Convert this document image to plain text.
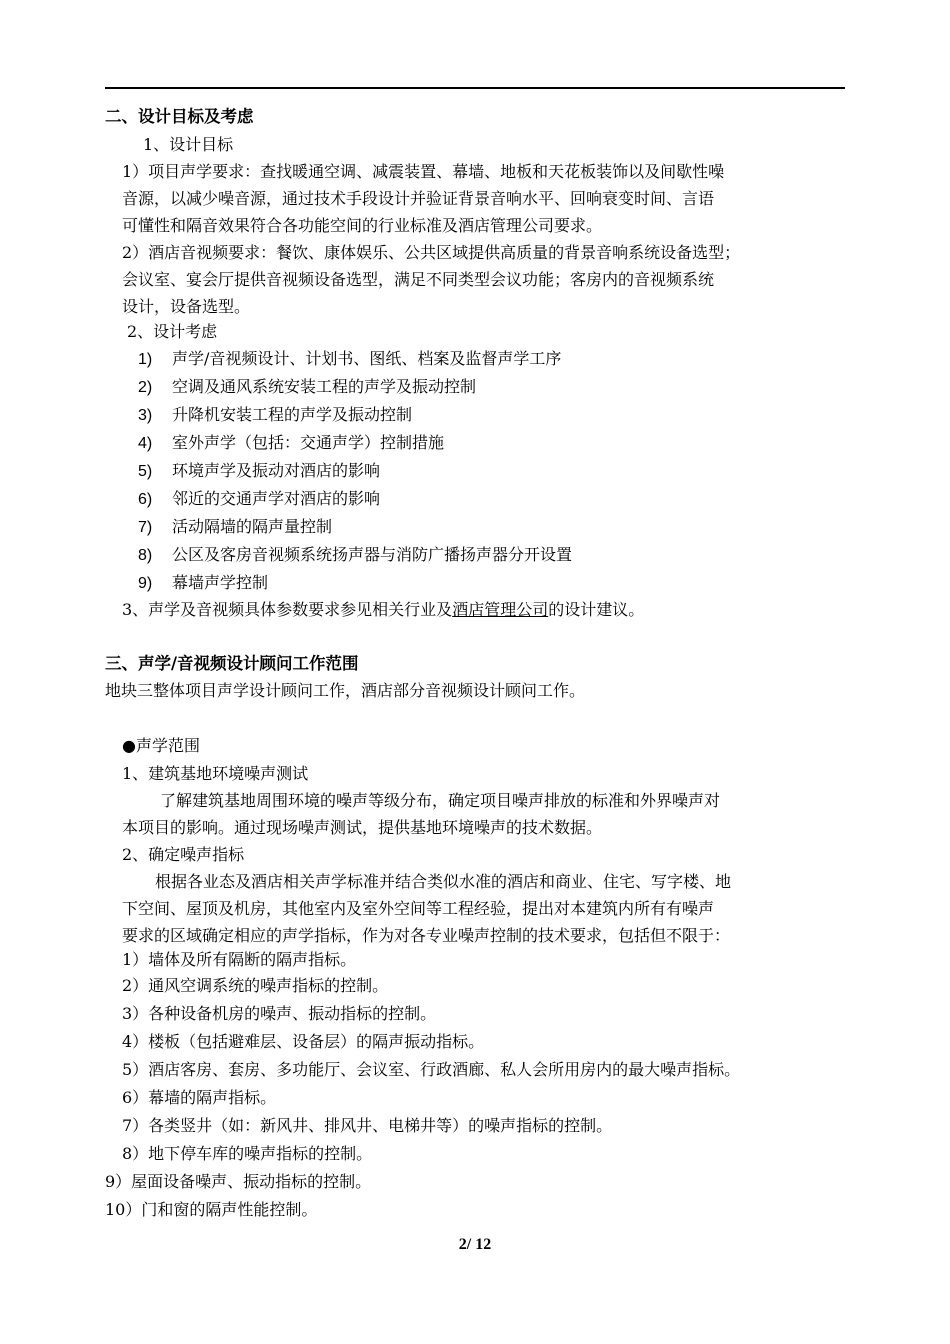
二、设计目标及考虑
1、设计目标
1）项目声学要求：查找暖通空调、减震装置、幕墙、地板和天花板装饰以及间歇性噪
音源，以减少噪音源，通过技术手段设计并验证背景音响水平、回响衰变时间、言语
可懂性和隔音效果符合各功能空间的行业标准及酒店管理公司要求。
2）酒店音视频要求：餐饮、康体娱乐、公共区域提供高质量的背景音响系统设备选型；
会议室、宴会厅提供音视频设备选型，满足不同类型会议功能；客房内的音视频系统
设计，设备选型。
2、设计考虑
1) 声学/音视频设计、计划书、图纸、档案及监督声学工序
2) 空调及通风系统安装工程的声学及振动控制
3) 升降机安装工程的声学及振动控制
4) 室外声学（包括：交通声学）控制措施
5) 环境声学及振动对酒店的影响
6) 邻近的交通声学对酒店的影响
7) 活动隔墙的隔声量控制
8) 公区及客房音视频系统扬声器与消防广播扬声器分开设置
9) 幕墙声学控制
3、声学及音视频具体参数要求参见相关行业及酒店管理公司的设计建议。
三、声学/音视频设计顾问工作范围
地块三整体项目声学设计顾问工作，酒店部分音视频设计顾问工作。
●声学范围
1、建筑基地环境噪声测试
了解建筑基地周围环境的噪声等级分布，确定项目噪声排放的标准和外界噪声对
本项目的影响。通过现场噪声测试，提供基地环境噪声的技术数据。
2、确定噪声指标
根据各业态及酒店相关声学标准并结合类似水准的酒店和商业、住宅、写字楼、地
下空间、屋顶及机房，其他室内及室外空间等工程经验，提出对本建筑内所有有噪声
要求的区域确定相应的声学指标，作为对各专业噪声控制的技术要求，包括但不限于：
1）墙体及所有隔断的隔声指标。
2）通风空调系统的噪声指标的控制。
3）各种设备机房的噪声、振动指标的控制。
4）楼板（包括避难层、设备层）的隔声振动指标。
5）酒店客房、套房、多功能厅、会议室、行政酒廊、私人会所用房内的最大噪声指标。
6）幕墙的隔声指标。
7）各类竖井（如：新风井、排风井、电梯井等）的噪声指标的控制。
8）地下停车库的噪声指标的控制。
9）屋面设备噪声、振动指标的控制。
10）门和窗的隔声性能控制。
2/ 12
